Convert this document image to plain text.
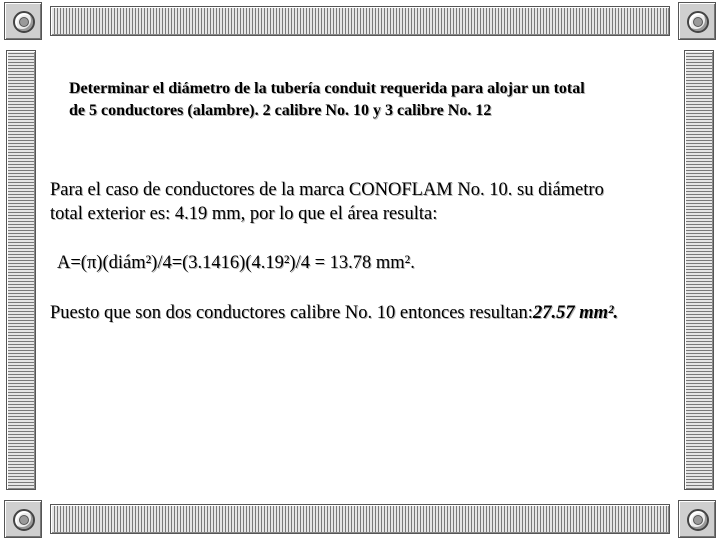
Determinar el diámetro de la tubería conduit requerida para alojar un total
de 5 conductores (alambre). 2 calibre No. 10 y 3 calibre No. 12
Para el caso de conductores de la marca CONOFLAM No. 10. su diámetro
total exterior es: 4.19 mm, por lo que el área resulta:
A=(π)(diám²)/4=(3.1416)(4.19²)/4 = 13.78 mm².
Puesto que son dos conductores calibre No. 10 entonces resultan:27.57 mm².
